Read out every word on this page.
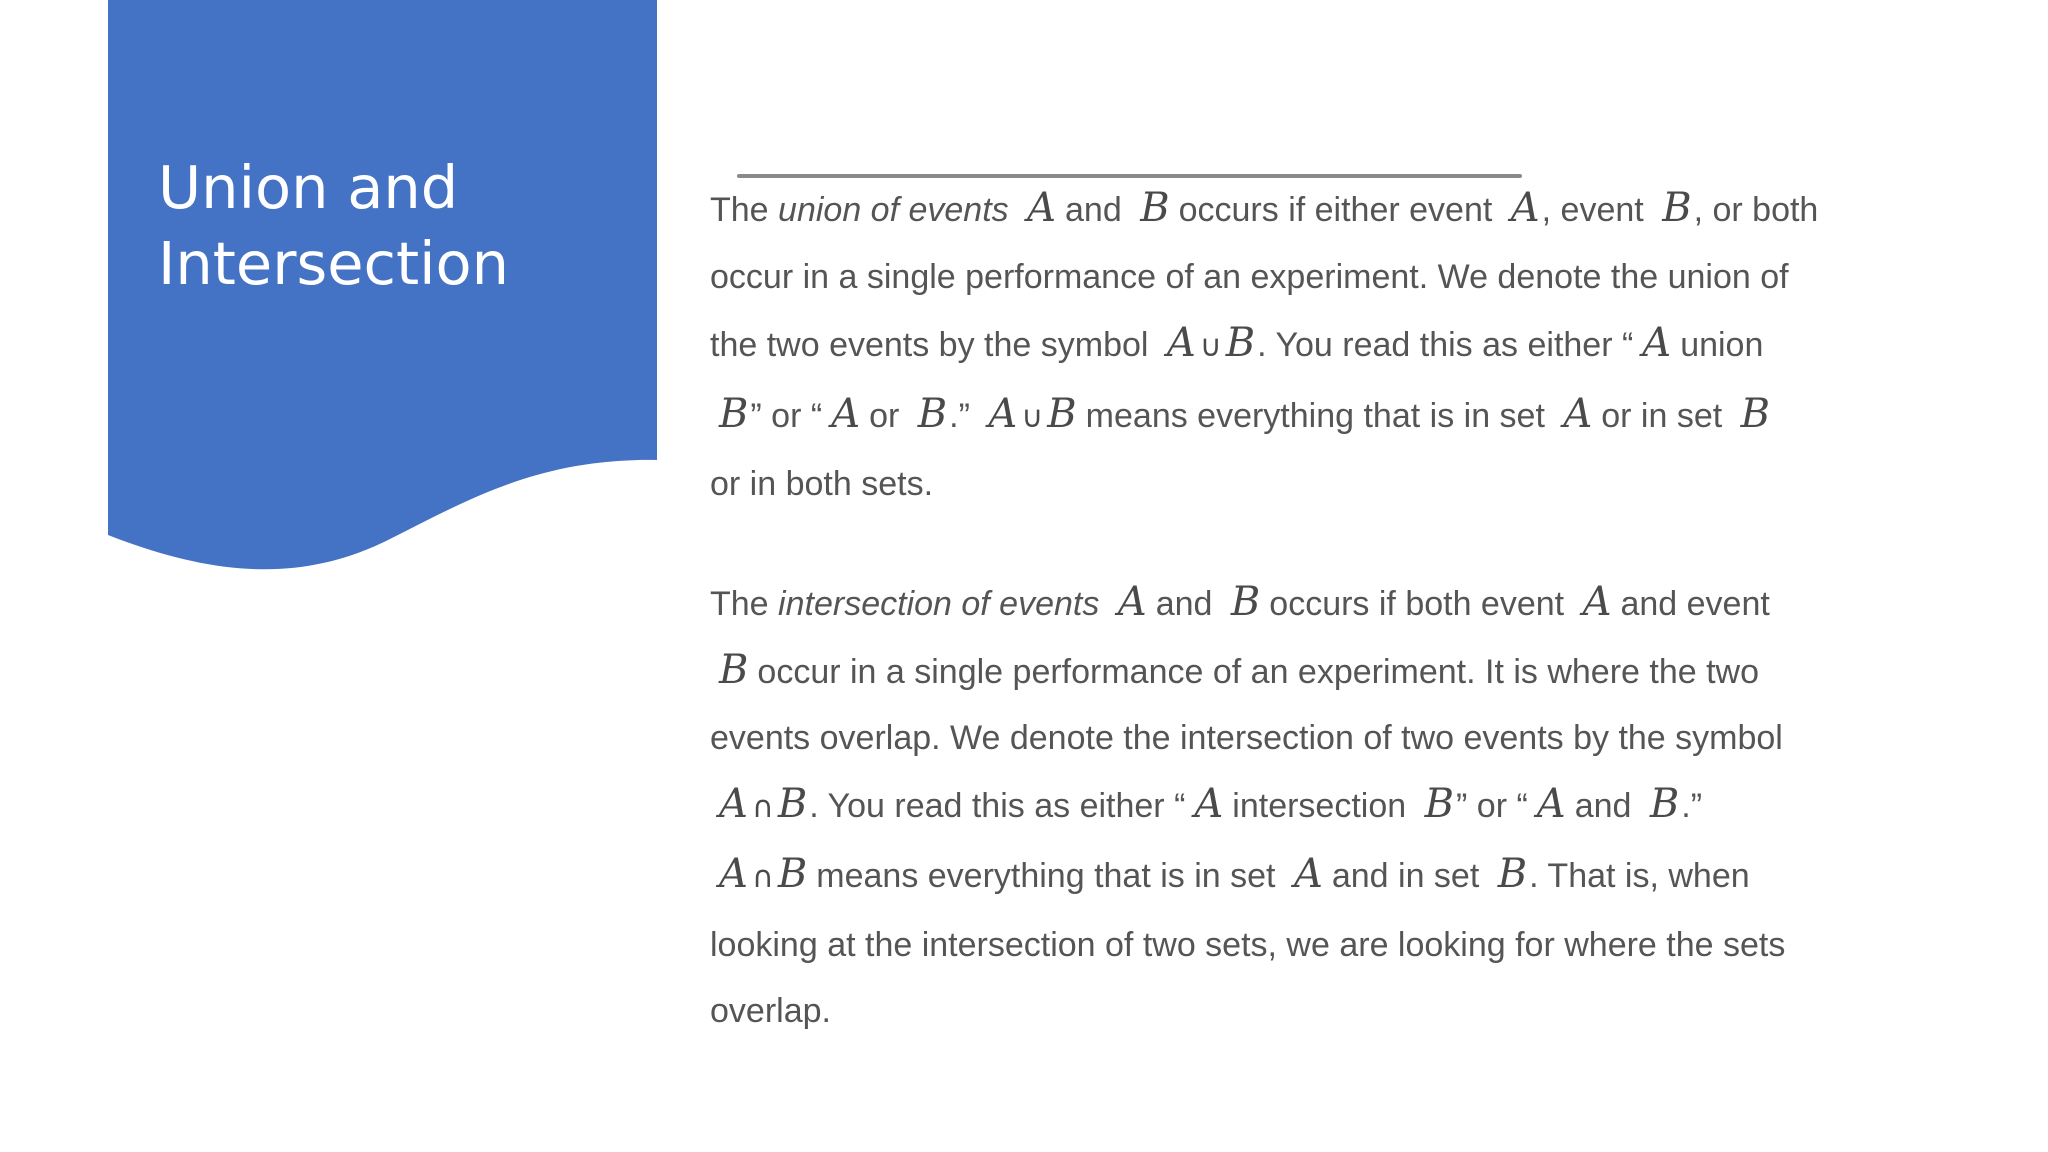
Union and
Intersection

The union of events A and B occurs if either event A, event B, or both
occur in a single performance of an experiment. We denote the union of
the two events by the symbol A ∪ B. You read this as either “ A union
B” or “ A or B.” A ∪ B means everything that is in set A or in set B
or in both sets.

The intersection of events A and B occurs if both event A and event
B occur in a single performance of an experiment. It is where the two
events overlap. We denote the intersection of two events by the symbol
A ∩ B. You read this as either “ A intersection B” or “ A and B.”
A ∩ B means everything that is in set A and in set B. That is, when
looking at the intersection of two sets, we are looking for where the sets
overlap.
